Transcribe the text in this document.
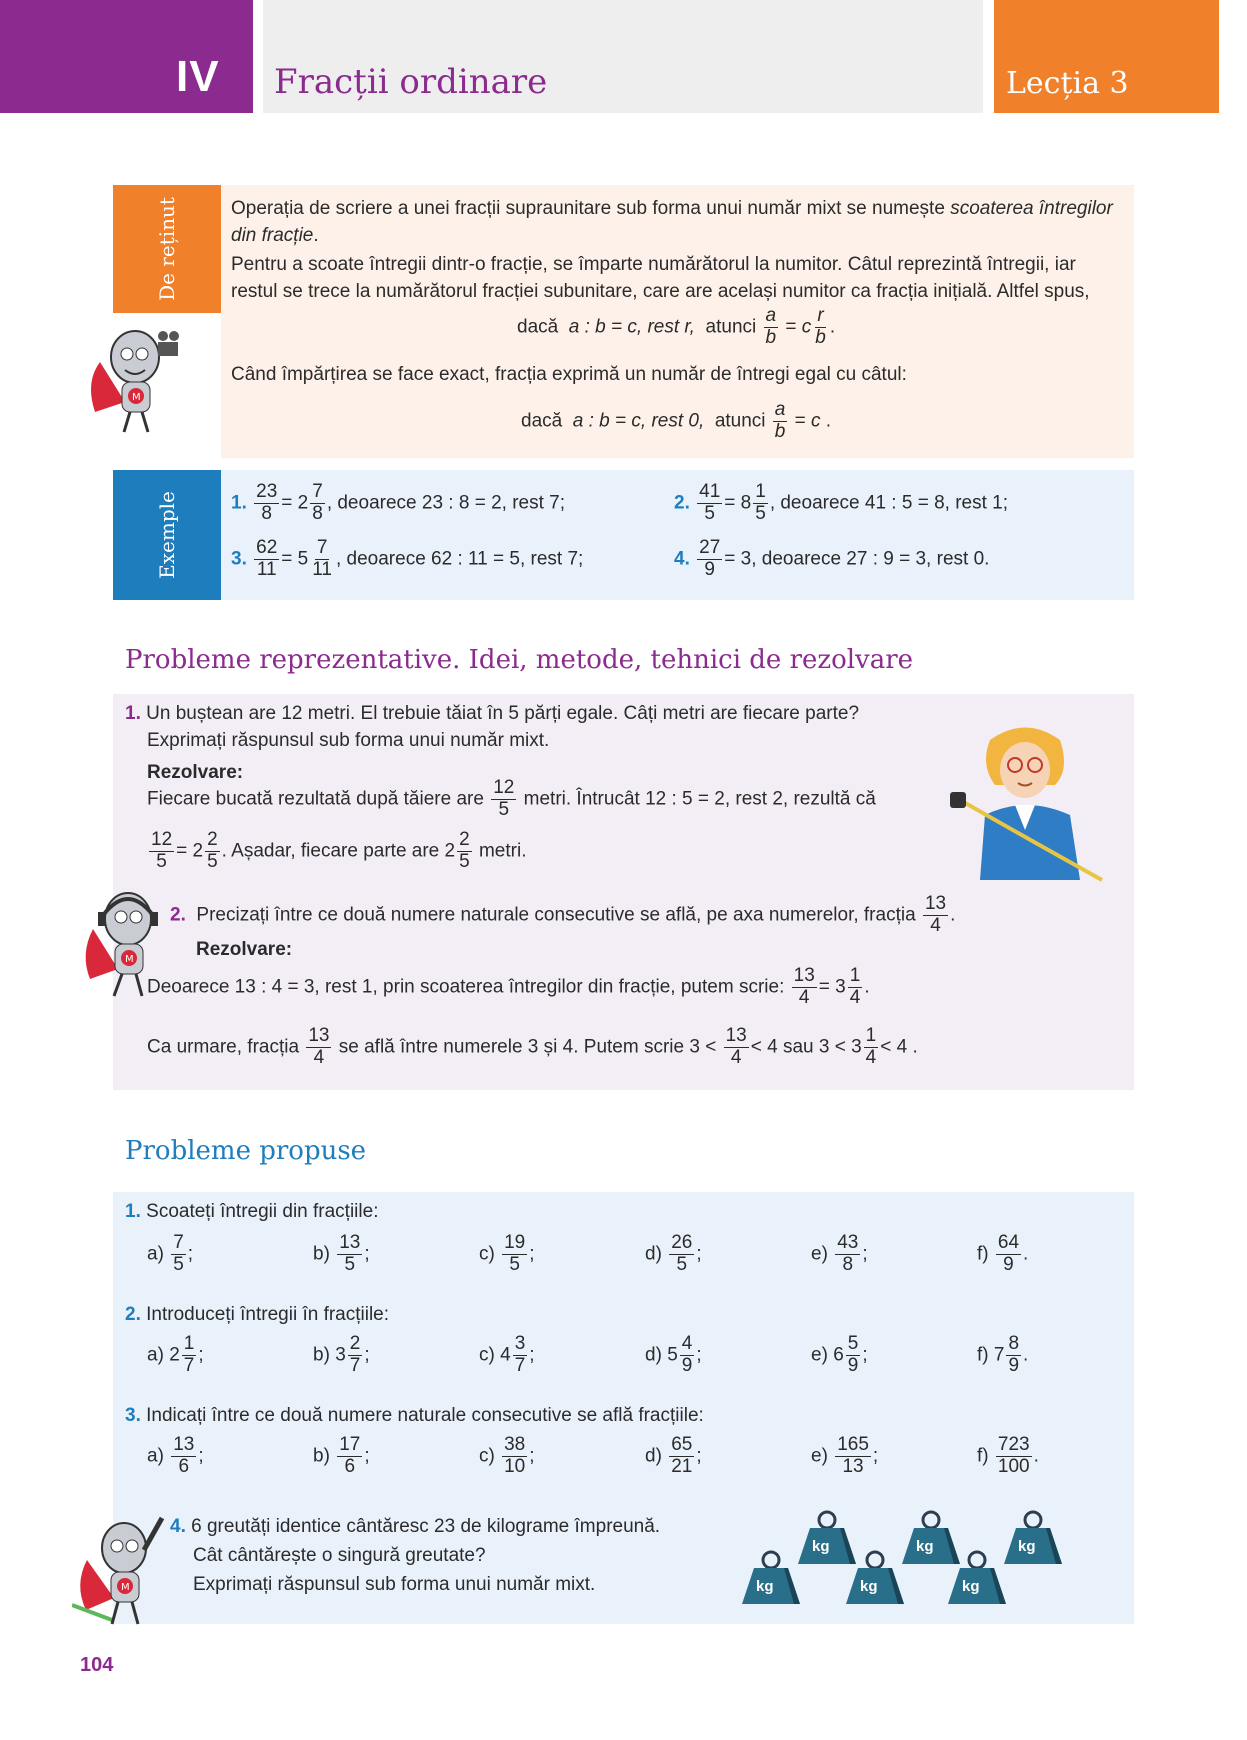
IV Fracții ordinare	Lecția 3
De reținut
M
Operația de scriere a unei fracții supraunitare sub forma unui număr mixt se numește scoaterea întregilor din fracție.
Pentru a scoate întregii dintr-o fracție, se împarte numărătorul la numitor. Câtul reprezintă întregii, iar
restul se trece la numărătorul fracției subunitare, care are același numitor ca fracția inițială. Altfel spus,
dacă a : b = c, rest r, atunci $\frac{a}{b} = c \frac{r}{b}$ .
Când împărțirea se face exact, fracția exprimă un număr de întregi egal cu câtul:
dacă a : b = c, rest 0, atunci $\frac{a}{b} = c$ .
Exemple	1. $\frac{23}{8} = 2 \frac{7}{8}$ , deoarece 23 : 8 = 2, rest 7;	2. $\frac{41}{5} = 8 \frac{1}{5}$ , deoarece 41 : 5 = 8, rest 1;
3. $\frac{62}{11} = 5 \frac{7}{11}$ , deoarece 62 : 11 = 5, rest 7;	4. $\frac{27}{9} = 3$, deoarece 27 : 9 = 3, rest 0.
Probleme reprezentative. Idei, metode, tehnici de rezolvare
1. Un buștean are 12 metri. El trebuie tăiat în 5 părți egale. Câți metri are fiecare parte?
Exprimați răspunsul sub forma unui număr mixt.
Rezolvare:
Fiecare bucată rezultată după tăiere are $\frac{12}{5}$ metri. Întrucât 12 : 5 = 2, rest 2, rezultă că
$\frac{12}{5} = 2 \frac{2}{5}$ . Așadar, fiecare parte are $2 \frac{2}{5}$ metri.
M
2. Precizați între ce două numere naturale consecutive se află, pe axa numerelor, fracția $\frac{13}{4}$ .
Rezolvare:
Deoarece 13 : 4 = 3, rest 1, prin scoaterea întregilor din fracție, putem scrie: $\frac{13}{4} = 3 \frac{1}{4}$ .
Ca urmare, fracția $\frac{13}{4}$ se află între numerele 3 și 4. Putem scrie $3 < \frac{13}{4} < 4$ sau $3 < 3 \frac{1}{4} < 4$ .
Probleme propuse
1. Scoateți întregii din fracțiile:
$a) \frac{7}{5}$ ;	$b) \frac{13}{5}$ ;	$c) \frac{19}{5}$ ;	$d) \frac{26}{5}$ ;	$e) \frac{43}{8}$ ;	$f) \frac{64}{9}$ .
2. Introduceți întregii în fracțiile:
a) $2 \frac{1}{7}$ ;	b) $3 \frac{2}{7}$ ;	c) $4 \frac{3}{7}$ ;	d) $5 \frac{4}{9}$ ;	e) $6 \frac{5}{9}$ ;	f) $7 \frac{8}{9}$ .
3. Indicați între ce două numere naturale consecutive se află fracțiile:
$a) \frac{13}{6}$ ;	$b) \frac{17}{6}$ ;	$c) \frac{38}{10}$ ;	$d) \frac{65}{21}$ ;	$e) \frac{165}{13}$ ;	$f) \frac{723}{100}$ .
M
4. 6 greutăți identice cântăresc 23 de kilograme împreună.
Cât cântărește o singură greutate?
Exprimați răspunsul sub forma unui număr mixt.
kg	kg	kg
kg	kg	kg
104
